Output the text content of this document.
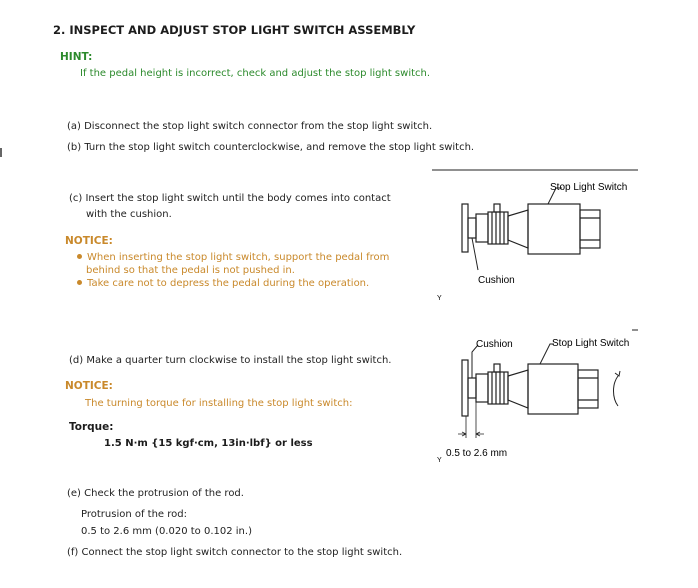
2. INSPECT AND ADJUST STOP LIGHT SWITCH ASSEMBLY
HINT:
If the pedal height is incorrect, check and adjust the stop light switch.
(a) Disconnect the stop light switch connector from the stop light switch.
(b) Turn the stop light switch counterclockwise, and remove the stop light switch.
(c) Insert the stop light switch until the body comes into contact
with the cushion.
NOTICE:
When inserting the stop light switch, support the pedal from
behind so that the pedal is not pushed in.
Take care not to depress the pedal during the operation.
(d) Make a quarter turn clockwise to install the stop light switch.
NOTICE:
The turning torque for installing the stop light switch:
Torque:
1.5 N·m {15 kgf·cm, 13in·lbf} or less
(e) Check the protrusion of the rod.
Protrusion of the rod:
0.5 to 2.6 mm (0.020 to 0.102 in.)
(f) Connect the stop light switch connector to the stop light switch.
Stop Light Switch
Cushion
Y
Cushion	Stop Light Switch
0.5 to 2.6 mm
Y
